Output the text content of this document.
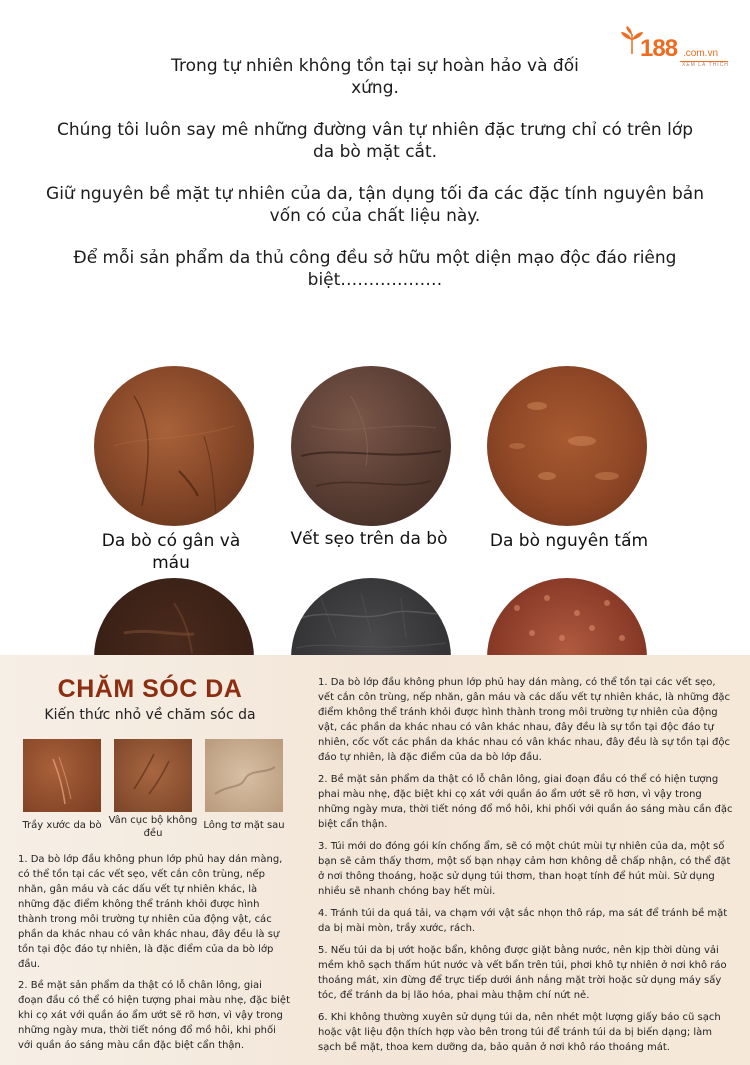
188 .com.vn
XEM LÀ THÍCH

Trong tự nhiên không tồn tại sự hoàn hảo và đối xứng.

Chúng tôi luôn say mê những đường vân tự nhiên đặc trưng chỉ có trên lớp da bò mặt cắt.

Giữ nguyên bề mặt tự nhiên của da, tận dụng tối đa các đặc tính nguyên bản vốn có của chất liệu này.

Để mỗi sản phẩm da thủ công đều sở hữu một diện mạo độc đáo riêng biệt………………

Da bò có gân và máu
Vết sẹo trên da bò	Da bò nguyên tấm
CHĂM SÓC DA
Kiến thức nhỏ về chăm sóc da
Trầy xước da bò Vân cục bộ không đều
Lông tơ mặt sau

1. Da bò lớp đầu không phun lớp phủ hay dán màng, có thể tồn tại các vết sẹo, vết cắn côn trùng, nếp nhăn, gân máu và các dấu vết tự nhiên khác, là những đặc điểm không thể tránh khỏi được hình thành trong môi trường tự nhiên của động vật, các phần da khác nhau có vân khác nhau, đây đều là sự tồn tại độc đáo tự nhiên, là đặc điểm của da bò lớp đầu.

2. Bề mặt sản phẩm da thật có lỗ chân lông, giai đoạn đầu có thể có hiện tượng phai màu nhẹ, đặc biệt khi cọ xát với quần áo ẩm ướt sẽ rõ hơn, vì vậy trong những ngày mưa, thời tiết nóng đổ mồ hôi, khi phối với quần áo sáng màu cần đặc biệt cẩn thận.

1. Da bò lớp đầu không phun lớp phủ hay dán màng, có thể tồn tại các vết sẹo, vết cắn côn trùng, nếp nhăn, gân máu và các dấu vết tự nhiên khác, là những đặc điểm không thể tránh khỏi được hình thành trong môi trường tự nhiên của động vật, các phần da khác nhau có vân khác nhau, đây đều là sự tồn tại độc đáo tự nhiên, cốc vốt các phần da khác nhau có vân khác nhau, đây đều là sự tồn tại độc đáo tự nhiên, là đặc điểm của da bò lớp đầu.

2. Bề mặt sản phẩm da thật có lỗ chân lông, giai đoạn đầu có thể có hiện tượng phai màu nhẹ, đặc biệt khi cọ xát với quần áo ẩm ướt sẽ rõ hơn, vì vậy trong những ngày mưa, thời tiết nóng đổ mồ hôi, khi phối với quần áo sáng màu cần đặc biệt cẩn thận.

3. Túi mới do đóng gói kín chống ẩm, sẽ có một chút mùi tự nhiên của da, một số bạn sẽ cảm thấy thơm, một số bạn nhạy cảm hơn không dễ chấp nhận, có thể đặt ở nơi thông thoáng, hoặc sử dụng túi thơm, than hoạt tính để hút mùi. Sử dụng nhiều sẽ nhanh chóng bay hết mùi.

4. Tránh túi da quá tải, va chạm với vật sắc nhọn thô ráp, ma sát để tránh bề mặt da bị mài mòn, trầy xước, rách.

5. Nếu túi da bị ướt hoặc bẩn, không được giặt bằng nước, nên kịp thời dùng vải mềm khô sạch thấm hút nước và vết bẩn trên túi, phơi khô tự nhiên ở nơi khô ráo thoáng mát, xin đừng để trực tiếp dưới ánh nắng mặt trời hoặc sử dụng máy sấy tóc, để tránh da bị lão hóa, phai màu thậm chí nứt nẻ.

6. Khi không thường xuyên sử dụng túi da, nên nhét một lượng giấy báo cũ sạch hoặc vật liệu độn thích hợp vào bên trong túi để tránh túi da bị biến dạng; làm sạch bề mặt, thoa kem dưỡng da, bảo quản ở nơi khô ráo thoáng mát.
